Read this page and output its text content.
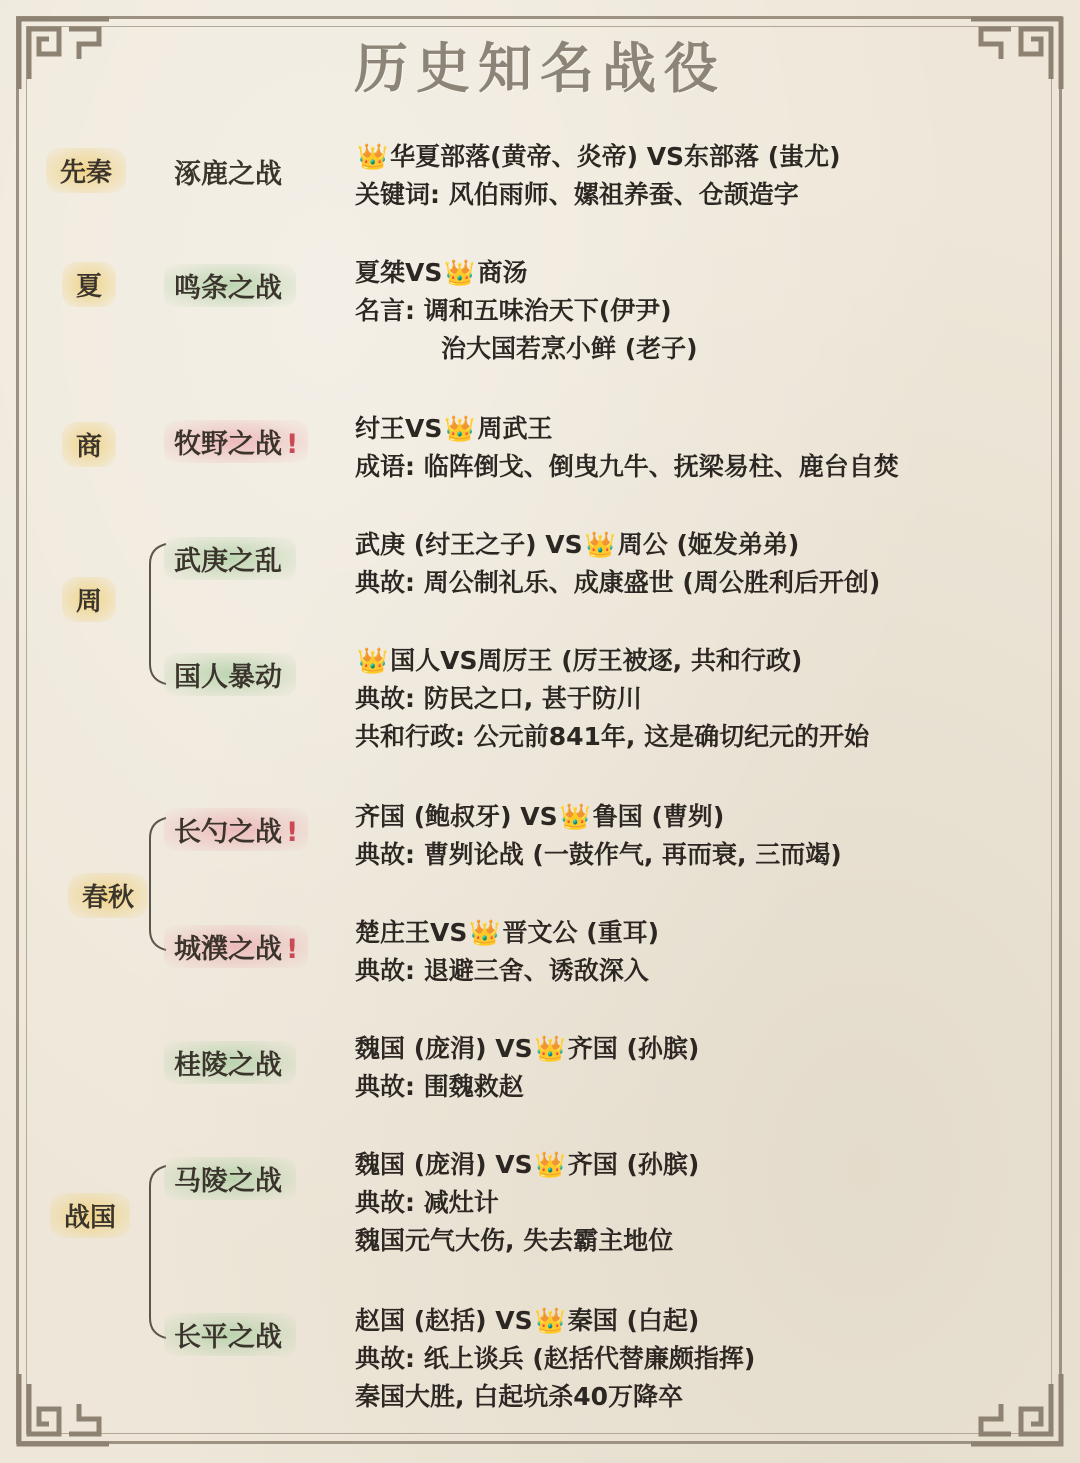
历史知名战役
先秦
夏
商
周
春秋
战国
涿鹿之战
鸣条之战
牧野之战 !
武庚之乱
国人暴动
长勺之战 !
城濮之战 !
桂陵之战
马陵之战
长平之战
👑华夏部落(黄帝、炎帝) VS东部落 (蚩尤)
关键词: 风伯雨师、嫘祖养蚕、仓颉造字
夏桀VS👑商汤
名言: 调和五味治天下(伊尹)
治大国若烹小鲜 (老子)
纣王VS👑周武王
成语: 临阵倒戈、倒曳九牛、抚梁易柱、鹿台自焚
武庚 (纣王之子) VS👑周公 (姬发弟弟)
典故: 周公制礼乐、成康盛世 (周公胜利后开创)
👑国人VS周厉王 (厉王被逐, 共和行政)
典故: 防民之口, 甚于防川
共和行政: 公元前841年, 这是确切纪元的开始
齐国 (鲍叔牙) VS👑鲁国 (曹刿)
典故: 曹刿论战 (一鼓作气, 再而衰, 三而竭)
楚庄王VS👑晋文公 (重耳)
典故: 退避三舍、诱敌深入
魏国 (庞涓) VS👑齐国 (孙膑)
典故: 围魏救赵
魏国 (庞涓) VS👑齐国 (孙膑)
典故: 减灶计
魏国元气大伤, 失去霸主地位
赵国 (赵括) VS👑秦国 (白起)
典故: 纸上谈兵 (赵括代替廉颇指挥)
秦国大胜, 白起坑杀40万降卒
